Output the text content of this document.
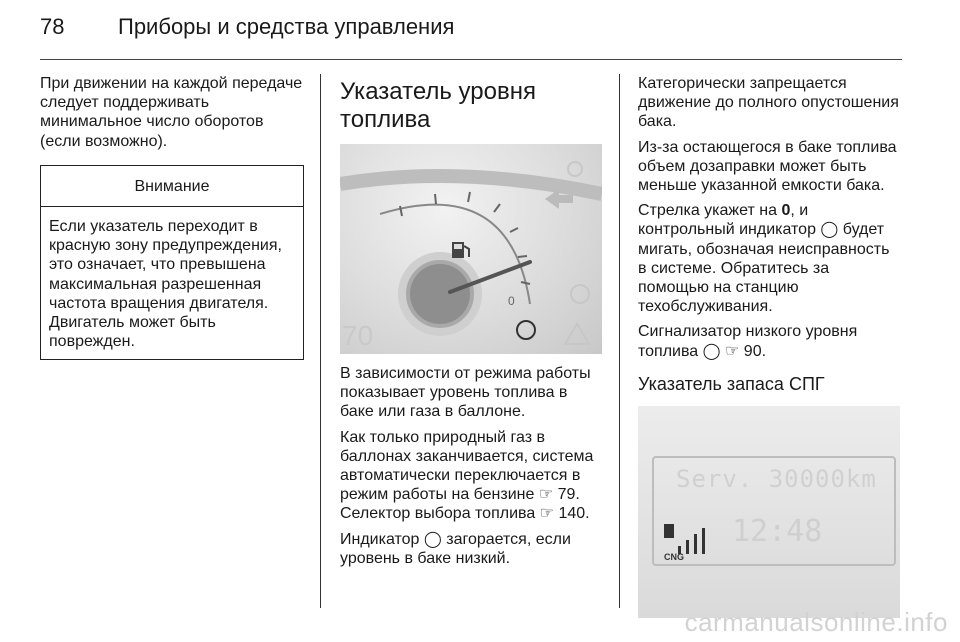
78	Приборы и средства управления

При движении на каждой передаче следует поддерживать минимальное число оборотов (если возможно).

Внимание
Если указатель переходит в красную зону предупреждения, это означает, что превышена максимальная разрешенная частота вращения двигателя. Двигатель может быть поврежден.
Указатель уровня топлива
0
70

В зависимости от режима работы показывает уровень топлива в баке или газа в баллоне.

Как только природный газ в баллонах заканчивается, система автоматически переключается в режим работы на бензине ☞ 79. Селектор выбора топлива ☞ 140.

Индикатор ◯ загорается, если уровень в баке низкий.

Категорически запрещается движение до полного опустошения бака.

Из-за остающегося в баке топлива объем дозаправки может быть меньше указанной емкости бака.

Стрелка укажет на 0, и контрольный индикатор ◯ будет мигать, обозначая неисправность в системе. Обратитесь за помощью на станцию техобслуживания.

Сигнализатор низкого уровня топлива ◯ ☞ 90.

Указатель запаса СПГ
Serv. 30000km
CNG
12:48
carmanualsonline.info
